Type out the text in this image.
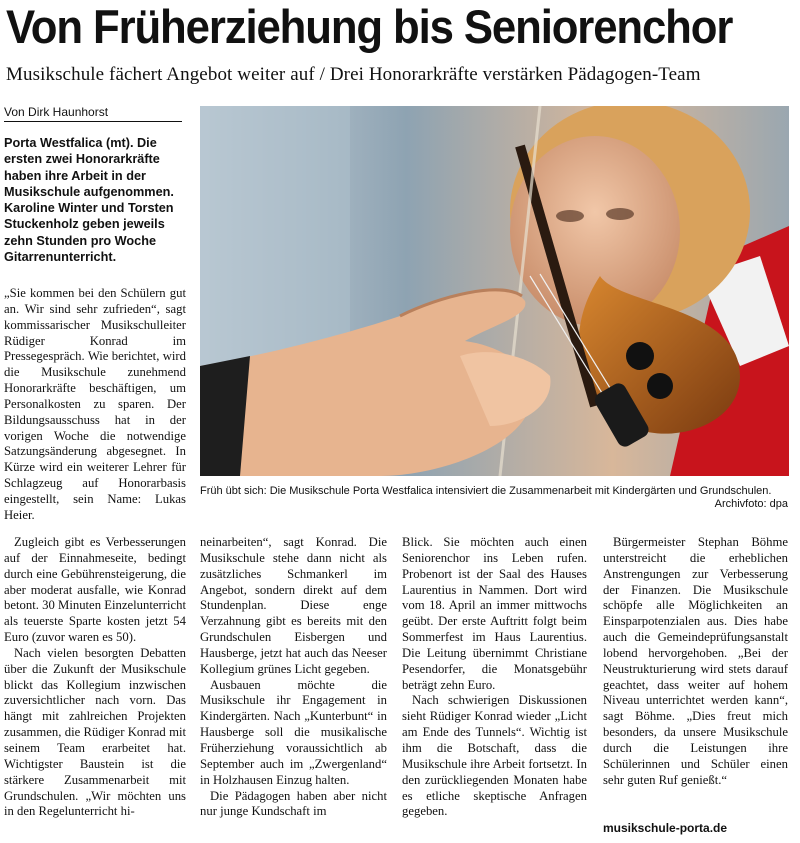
Von Früherziehung bis Seniorenchor
Musikschule fächert Angebot weiter auf / Drei Honorarkräfte verstärken Pädagogen-Team
Von Dirk Haunhorst
Porta Westfalica (mt). Die ersten zwei Honorarkräfte haben ihre Arbeit in der Musikschule aufgenommen. Karoline Winter und Torsten Stuckenholz geben jeweils zehn Stunden pro Woche Gitarrenunterricht.

„Sie kommen bei den Schülern gut an. Wir sind sehr zufrieden“, sagt kommissarischer Musikschulleiter Rüdiger Konrad im Pressegespräch. Wie berichtet, wird die Musikschule zunehmend Honorarkräfte beschäftigen, um Personalkosten zu sparen. Der Bildungsausschuss hat in der vorigen Woche die notwendige Satzungsänderung abgesegnet. In Kürze wird ein weiterer Lehrer für Schlagzeug auf Honorarbasis eingestellt, sein Name: Lukas Heier.

Früh übt sich: Die Musikschule Porta Westfalica intensiviert die Zusammenarbeit mit Kindergärten und Grundschulen.
Archivfoto: dpa

Zugleich gibt es Verbesserungen auf der Einnahmeseite, bedingt durch eine Gebührensteigerung, die aber moderat ausfalle, wie Konrad betont. 30 Minuten Einzelunterricht als teuerste Sparte kosten jetzt 54 Euro (zuvor waren es 50).

Nach vielen besorgten Debatten über die Zukunft der Musikschule blickt das Kollegium inzwischen zuversichtlicher nach vorn. Das hängt mit zahlreichen Projekten zusammen, die Rüdiger Konrad mit seinem Team erarbeitet hat. Wichtigster Baustein ist die stärkere Zusammenarbeit mit Grundschulen. „Wir möchten uns in den Regelunterricht hi-

neinarbeiten“, sagt Konrad. Die Musikschule stehe dann nicht als zusätzliches Schmankerl im Angebot, sondern direkt auf dem Stundenplan. Diese enge Verzahnung gibt es bereits mit den Grundschulen Eisbergen und Hausberge, jetzt hat auch das Neeser Kollegium grünes Licht gegeben.

Ausbauen möchte die Musikschule ihr Engagement in Kindergärten. Nach „Kunterbunt“ in Hausberge soll die musikalische Früherziehung voraussichtlich ab September auch im „Zwergenland“ in Holzhausen Einzug halten.

Die Pädagogen haben aber nicht nur junge Kundschaft im

Blick. Sie möchten auch einen Seniorenchor ins Leben rufen. Probenort ist der Saal des Hauses Laurentius in Nammen. Dort wird vom 18. April an immer mittwochs geübt. Der erste Auftritt folgt beim Sommerfest im Haus Laurentius. Die Leitung übernimmt Christiane Pesendorfer, die Monatsgebühr beträgt zehn Euro.

Nach schwierigen Diskussionen sieht Rüdiger Konrad wieder „Licht am Ende des Tunnels“. Wichtig ist ihm die Botschaft, dass die Musikschule ihre Arbeit fortsetzt. In den zurückliegenden Monaten habe es etliche skeptische Anfragen gegeben.

Bürgermeister Stephan Böhme unterstreicht die erheblichen Anstrengungen zur Verbesserung der Finanzen. Die Musikschule schöpfe alle Möglichkeiten an Einsparpotenzialen aus. Dies habe auch die Gemeindeprüfungsanstalt lobend hervorgehoben. „Bei der Neustrukturierung wird stets darauf geachtet, dass weiter auf hohem Niveau unterrichtet werden kann“, sagt Böhme. „Dies freut mich besonders, da unsere Musikschule durch die Leistungen ihre Schülerinnen und Schüler einen sehr guten Ruf genießt.“

musikschule-porta.de
